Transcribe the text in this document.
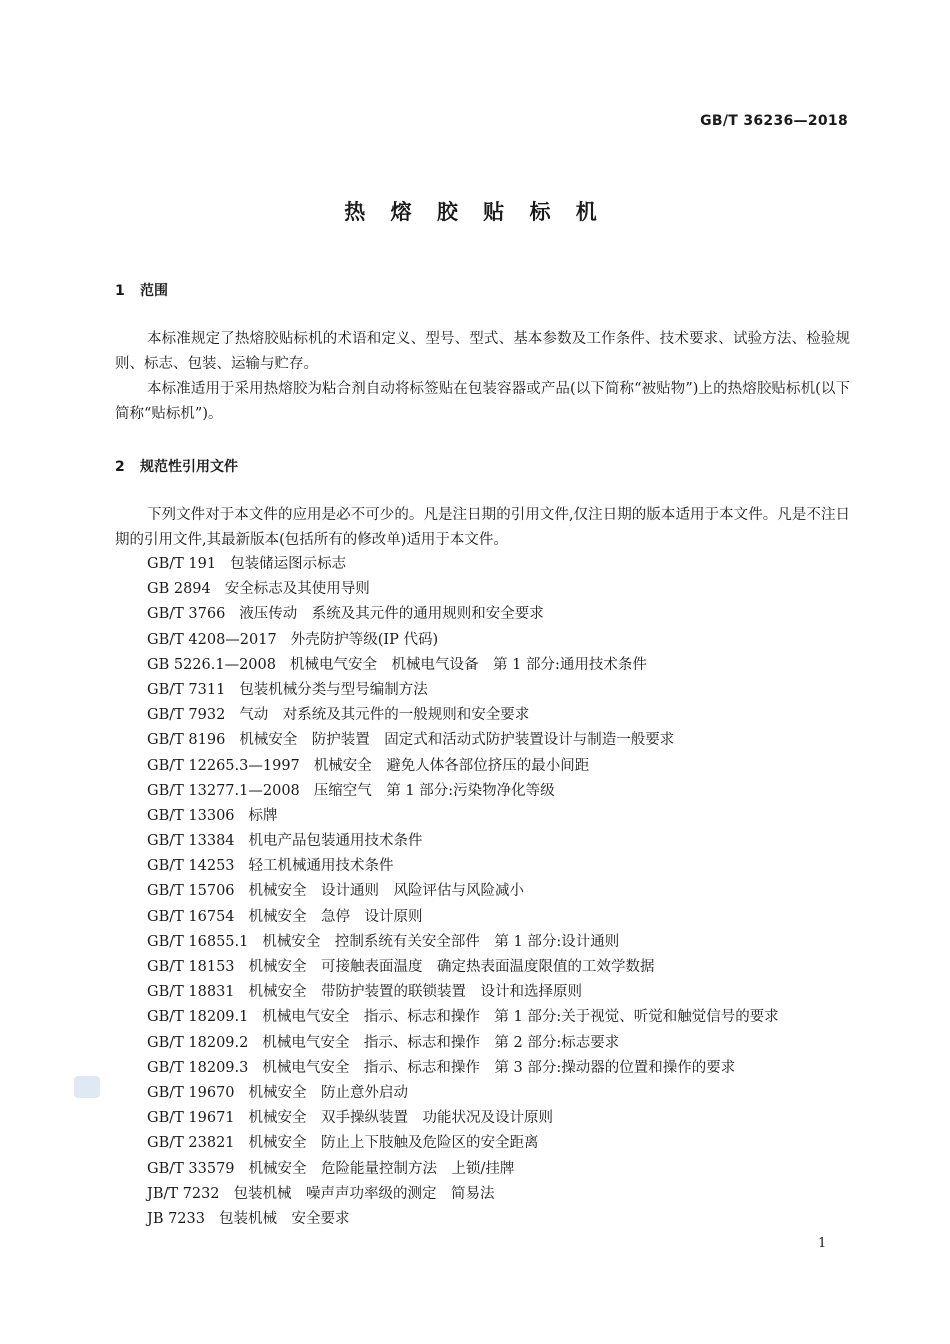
GB/T 36236—2018
热 熔 胶 贴 标 机
1 范围

本标准规定了热熔胶贴标机的术语和定义、型号、型式、基本参数及工作条件、技术要求、试验方法、检验规则、标志、包装、运输与贮存。

本标准适用于采用热熔胶为粘合剂自动将标签贴在包装容器或产品(以下简称“被贴物”)上的热熔胶贴标机(以下简称“贴标机”)。

2 规范性引用文件

下列文件对于本文件的应用是必不可少的。凡是注日期的引用文件,仅注日期的版本适用于本文件。凡是不注日期的引用文件,其最新版本(包括所有的修改单)适用于本文件。

GB/T 191 包装储运图示标志
GB 2894 安全标志及其使用导则
GB/T 3766 液压传动　系统及其元件的通用规则和安全要求
GB/T 4208—2017 外壳防护等级(IP 代码)
GB 5226.1—2008 机械电气安全　机械电气设备　第 1 部分:通用技术条件
GB/T 7311 包装机械分类与型号编制方法
GB/T 7932 气动　对系统及其元件的一般规则和安全要求
GB/T 8196 机械安全　防护装置　固定式和活动式防护装置设计与制造一般要求
GB/T 12265.3—1997 机械安全　避免人体各部位挤压的最小间距
GB/T 13277.1—2008 压缩空气　第 1 部分:污染物净化等级
GB/T 13306 标牌
GB/T 13384 机电产品包装通用技术条件
GB/T 14253 轻工机械通用技术条件
GB/T 15706 机械安全　设计通则　风险评估与风险减小
GB/T 16754 机械安全　急停　设计原则
GB/T 16855.1 机械安全　控制系统有关安全部件　第 1 部分:设计通则
GB/T 18153 机械安全　可接触表面温度　确定热表面温度限值的工效学数据
GB/T 18831 机械安全　带防护装置的联锁装置　设计和选择原则
GB/T 18209.1 机械电气安全　指示、标志和操作　第 1 部分:关于视觉、听觉和触觉信号的要求
GB/T 18209.2 机械电气安全　指示、标志和操作　第 2 部分:标志要求
GB/T 18209.3 机械电气安全　指示、标志和操作　第 3 部分:操动器的位置和操作的要求
GB/T 19670 机械安全　防止意外启动
GB/T 19671 机械安全　双手操纵装置　功能状况及设计原则
GB/T 23821 机械安全　防止上下肢触及危险区的安全距离
GB/T 33579 机械安全　危险能量控制方法　上锁/挂牌
JB/T 7232 包装机械　噪声声功率级的测定　简易法
JB 7233 包装机械　安全要求
1
